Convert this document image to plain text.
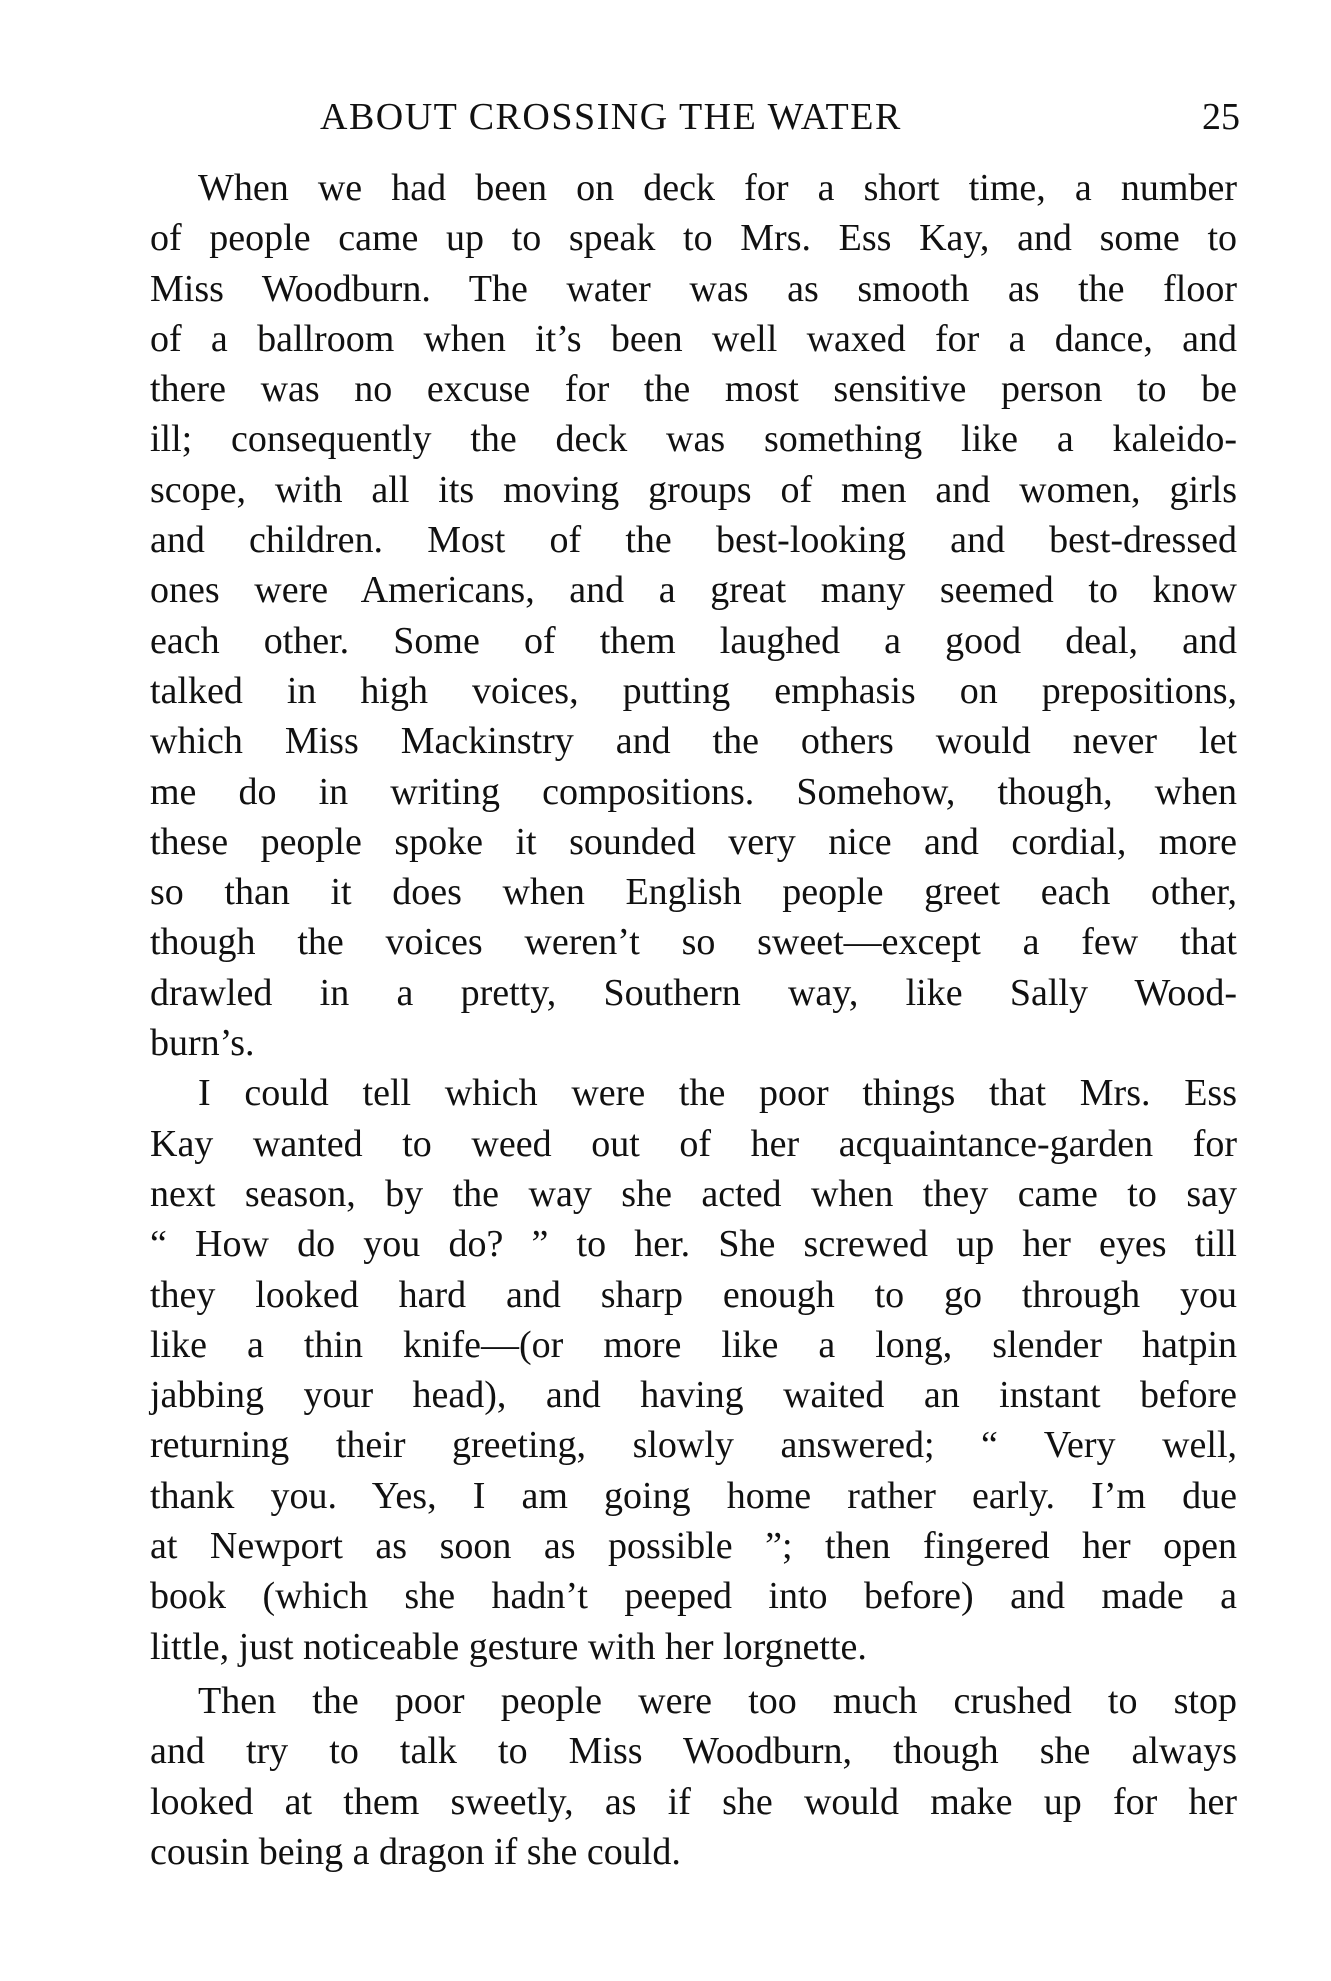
ABOUT CROSSING THE WATER	25
When we had been on deck for a short time, a number
of people came up to speak to Mrs. Ess Kay, and some to
Miss Woodburn. The water was as smooth as the floor
of a ballroom when it’s been well waxed for a dance, and
there was no excuse for the most sensitive person to be
ill; consequently the deck was something like a kaleido-
scope, with all its moving groups of men and women, girls
and children. Most of the best-looking and best-dressed
ones were Americans, and a great many seemed to know
each other. Some of them laughed a good deal, and
talked in high voices, putting emphasis on prepositions,
which Miss Mackinstry and the others would never let
me do in writing compositions. Somehow, though, when
these people spoke it sounded very nice and cordial, more
so than it does when English people greet each other,
though the voices weren’t so sweet—except a few that
drawled in a pretty, Southern way, like Sally Wood-
burn’s.
I could tell which were the poor things that Mrs. Ess
Kay wanted to weed out of her acquaintance-garden for
next season, by the way she acted when they came to say
“ How do you do? ” to her. She screwed up her eyes till
they looked hard and sharp enough to go through you
like a thin knife—(or more like a long, slender hatpin
jabbing your head), and having waited an instant before
returning their greeting, slowly answered; “ Very well,
thank you. Yes, I am going home rather early. I’m due
at Newport as soon as possible ”; then fingered her open
book (which she hadn’t peeped into before) and made a
little, just noticeable gesture with her lorgnette.
Then the poor people were too much crushed to stop
and try to talk to Miss Woodburn, though she always
looked at them sweetly, as if she would make up for her
cousin being a dragon if she could.
